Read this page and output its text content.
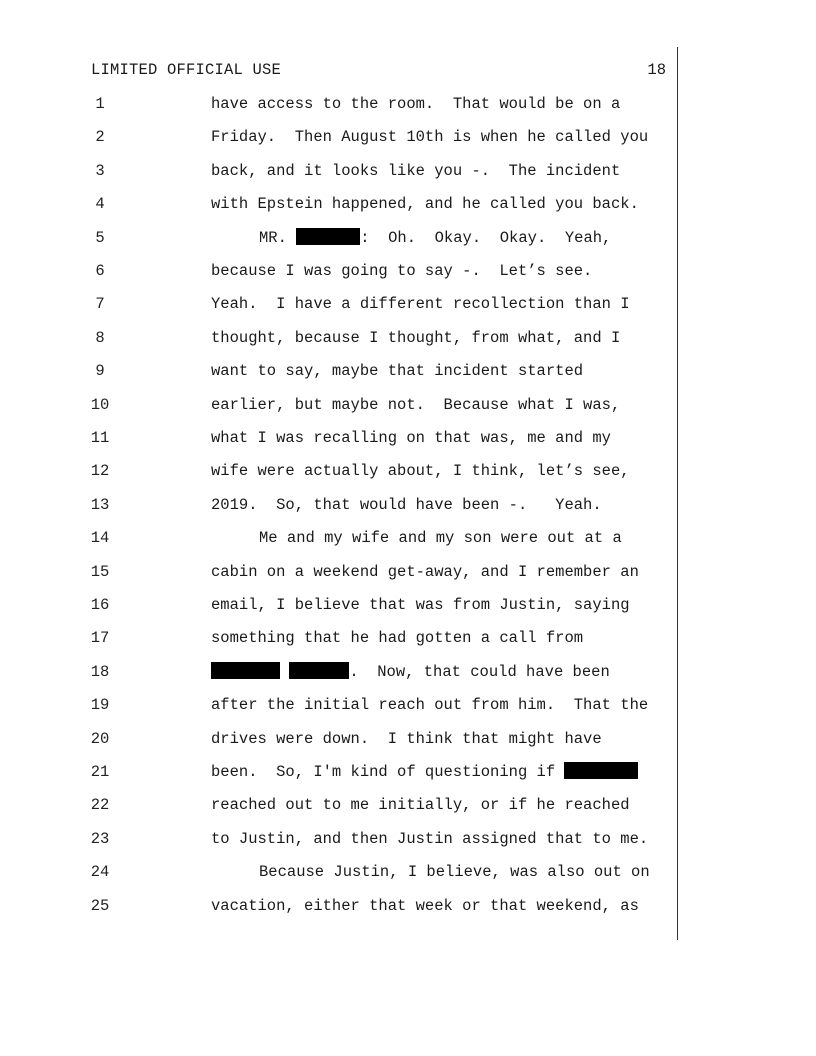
LIMITED OFFICIAL USE	18
1	have access to the room.  That would be on a
2	Friday.  Then August 10th is when he called you
3	back, and it looks like you -.  The incident
4	with Epstein happened, and he called you back.
5	MR.	:  Oh.  Okay.  Okay.  Yeah,
6	because I was going to say -.  Let’s see.
7	Yeah.  I have a different recollection than I
8	thought, because I thought, from what, and I
9	want to say, maybe that incident started
10	earlier, but maybe not.  Because what I was,
11	what I was recalling on that was, me and my
12	wife were actually about, I think, let’s see,
13	2019.  So, that would have been -.   Yeah.
14	Me and my wife and my son were out at a
15	cabin on a weekend get-away, and I remember an
16	email, I believe that was from Justin, saying
17	something that he had gotten a call from
18	.  Now, that could have been
19	after the initial reach out from him.  That the
20	drives were down.  I think that might have
21	been.  So, I'm kind of questioning if
22	reached out to me initially, or if he reached
23	to Justin, and then Justin assigned that to me.
24	Because Justin, I believe, was also out on
25	vacation, either that week or that weekend, as
